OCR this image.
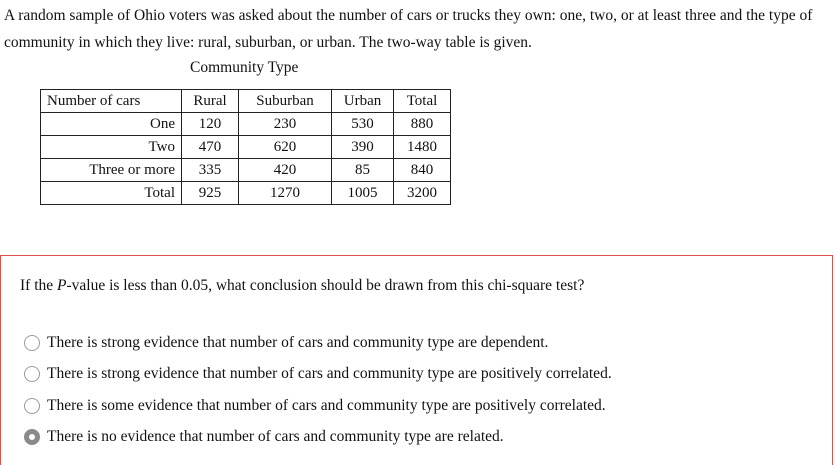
A random sample of Ohio voters was asked about the number of cars or trucks they own: one, two, or at least three and the type of community in which they live: rural, suburban, or urban. The two-way table is given.

Community Type
Number of cars	Rural	Suburban	Urban	Total
One	120	230	530	880
Two	470	620	390	1480
Three or more	335	420	85	840
Total	925	1270	1005	3200
If the P-value is less than 0.05, what conclusion should be drawn from this chi-square test?
There is strong evidence that number of cars and community type are dependent.
There is strong evidence that number of cars and community type are positively correlated.
There is some evidence that number of cars and community type are positively correlated.
There is no evidence that number of cars and community type are related.
